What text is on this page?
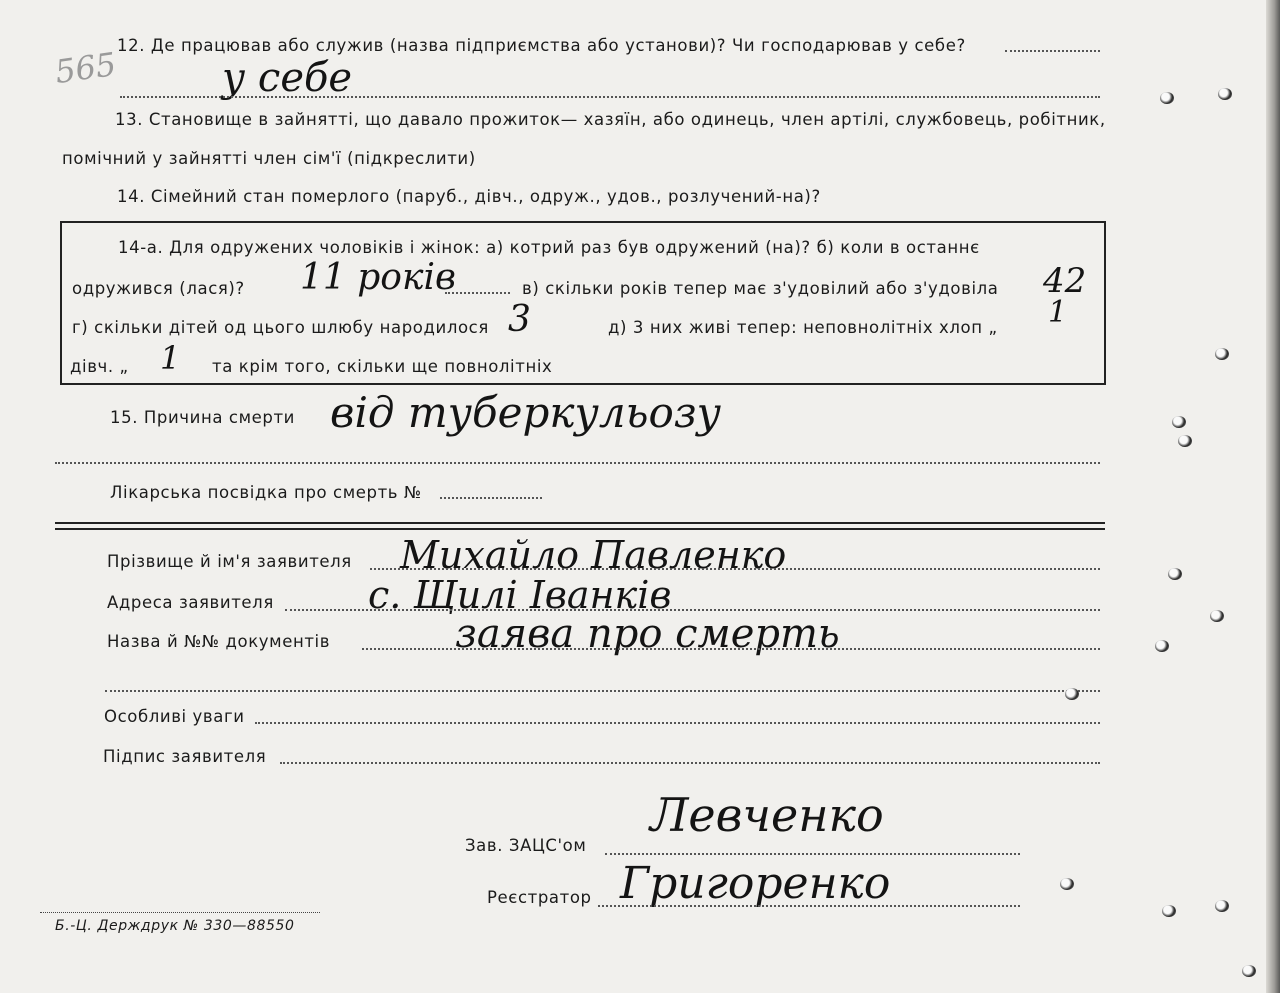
565
12. Де працював або служив (назва підприємства або установи)? Чи господарював у себе?
у себе
13. Становище в зайнятті, що давало прожиток— хазяїн, або одинець, член артілі, службовець, робітник,
помічний у зайнятті член сім'ї (підкреслити)
14. Сімейний стан померлого (паруб., дівч., одруж., удов., розлучений-на)?
14-а. Для одружених чоловіків і жінок: а) котрий раз був одружений (на)? б) коли в останнє
одружився (лася)? 11 років	в) скільки років тепер має з'удовілий або з'удовіла 42
г) скільки дітей од цього шлюбу народилося 3	д) 3 них живі тепер: неповнолітніх хлоп „ 1
дівч. „ 1 та крім того, скільки ще повнолітніх
15. Причина смерти від туберкульозу
Лікарська посвідка про смерть №
Прізвище й ім'я заявителя Михайло Павленко
Адреса заявителя с. Щилі Іванків
Назва й №№ документів	заява про смерть
Особливі уваги
Підпис заявителя
Зав. ЗАЦС'ом
Левченко
Реєстратор Григоренко
Б.-Ц. Держдрук № 330—88550
